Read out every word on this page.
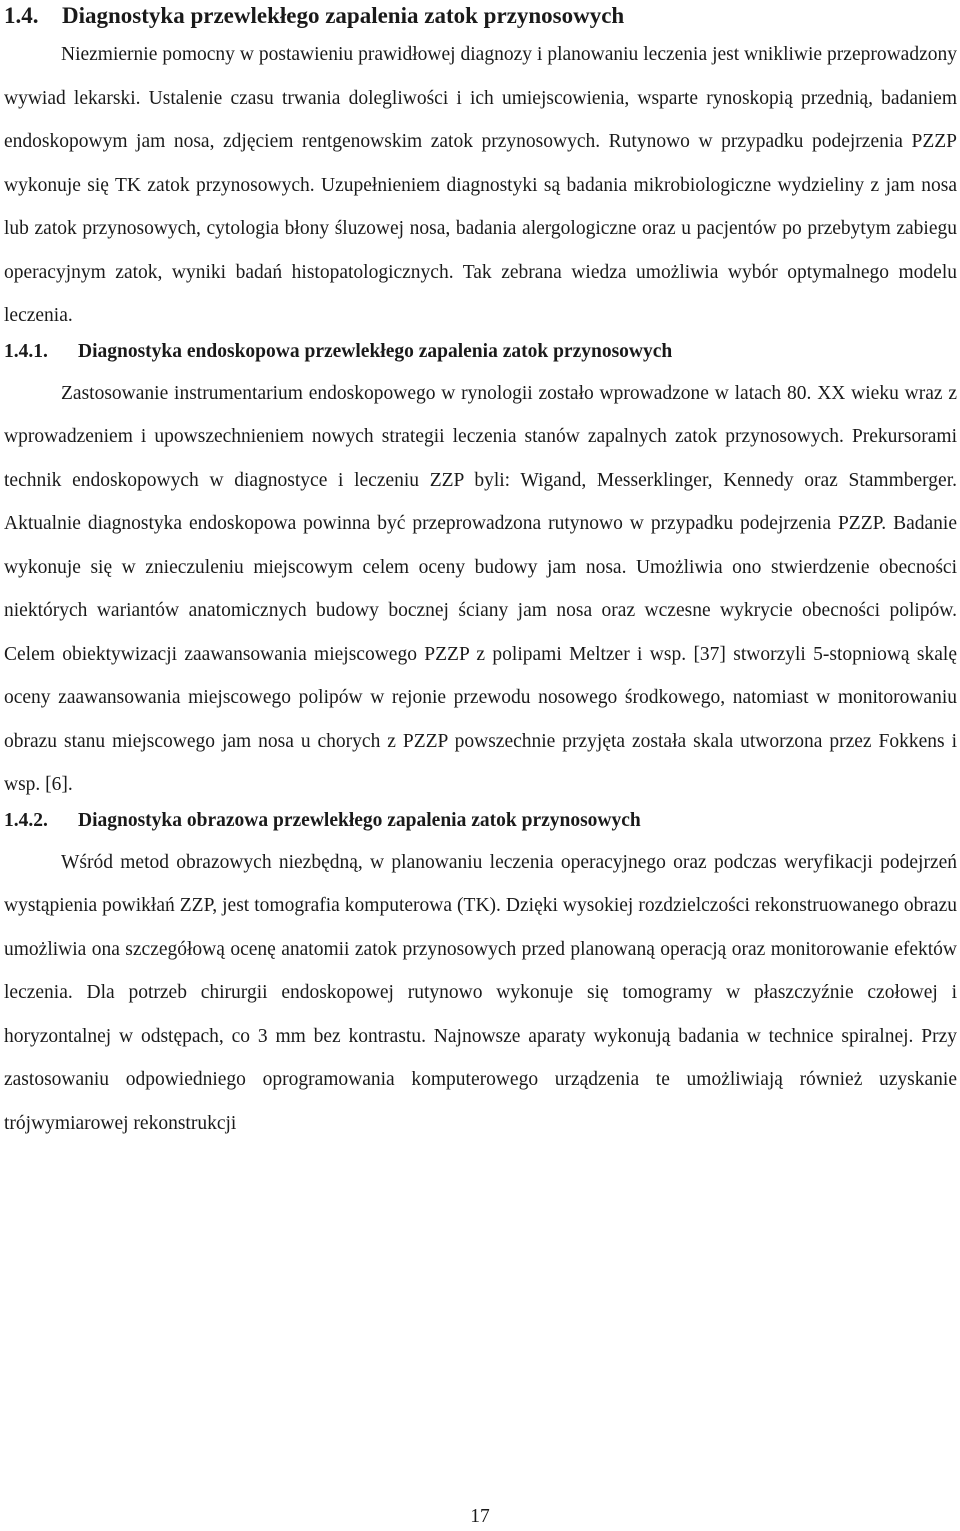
1.4.	Diagnostyka przewlekłego zapalenia zatok przynosowych

Niezmiernie pomocny w postawieniu prawidłowej diagnozy i planowaniu leczenia jest wnikliwie przeprowadzony wywiad lekarski. Ustalenie czasu trwania dolegliwości i ich umiejscowienia, wsparte rynoskopią przednią, badaniem endoskopowym jam nosa, zdjęciem rentgenowskim zatok przynosowych. Rutynowo w przypadku podejrzenia PZZP wykonuje się TK zatok przynosowych. Uzupełnieniem diagnostyki są badania mikrobiologiczne wydzieliny z jam nosa lub zatok przynosowych, cytologia błony śluzowej nosa, badania alergologiczne oraz u pacjentów po przebytym zabiegu operacyjnym zatok, wyniki badań histopatologicznych. Tak zebrana wiedza umożliwia wybór optymalnego modelu leczenia.

1.4.1.	Diagnostyka endoskopowa przewlekłego zapalenia zatok przynosowych

Zastosowanie instrumentarium endoskopowego w rynologii zostało wprowadzone w latach 80. XX wieku wraz z wprowadzeniem i upowszechnieniem nowych strategii leczenia stanów zapalnych zatok przynosowych. Prekursorami technik endoskopowych w diagnostyce i leczeniu ZZP byli: Wigand, Messerklinger, Kennedy oraz Stammberger. Aktualnie diagnostyka endoskopowa powinna być przeprowadzona rutynowo w przypadku podejrzenia PZZP. Badanie wykonuje się w znieczuleniu miejscowym celem oceny budowy jam nosa. Umożliwia ono stwierdzenie obecności niektórych wariantów anatomicznych budowy bocznej ściany jam nosa oraz wczesne wykrycie obecności polipów. Celem obiektywizacji zaawansowania miejscowego PZZP z polipami Meltzer i wsp. [37] stworzyli 5-stopniową skalę oceny zaawansowania miejscowego polipów w rejonie przewodu nosowego środkowego, natomiast w monitorowaniu obrazu stanu miejscowego jam nosa u chorych z PZZP powszechnie przyjęta została skala utworzona przez Fokkens i wsp. [6].

1.4.2.	Diagnostyka obrazowa przewlekłego zapalenia zatok przynosowych

Wśród metod obrazowych niezbędną, w planowaniu leczenia operacyjnego oraz podczas weryfikacji podejrzeń wystąpienia powikłań ZZP, jest tomografia komputerowa (TK). Dzięki wysokiej rozdzielczości rekonstruowanego obrazu umożliwia ona szczegółową ocenę anatomii zatok przynosowych przed planowaną operacją oraz monitorowanie efektów leczenia. Dla potrzeb chirurgii endoskopowej rutynowo wykonuje się tomogramy w płaszczyźnie czołowej i horyzontalnej w odstępach, co 3 mm bez kontrastu. Najnowsze aparaty wykonują badania w technice spiralnej. Przy zastosowaniu odpowiedniego oprogramowania komputerowego urządzenia te umożliwiają również uzyskanie trójwymiarowej rekonstrukcji

17
